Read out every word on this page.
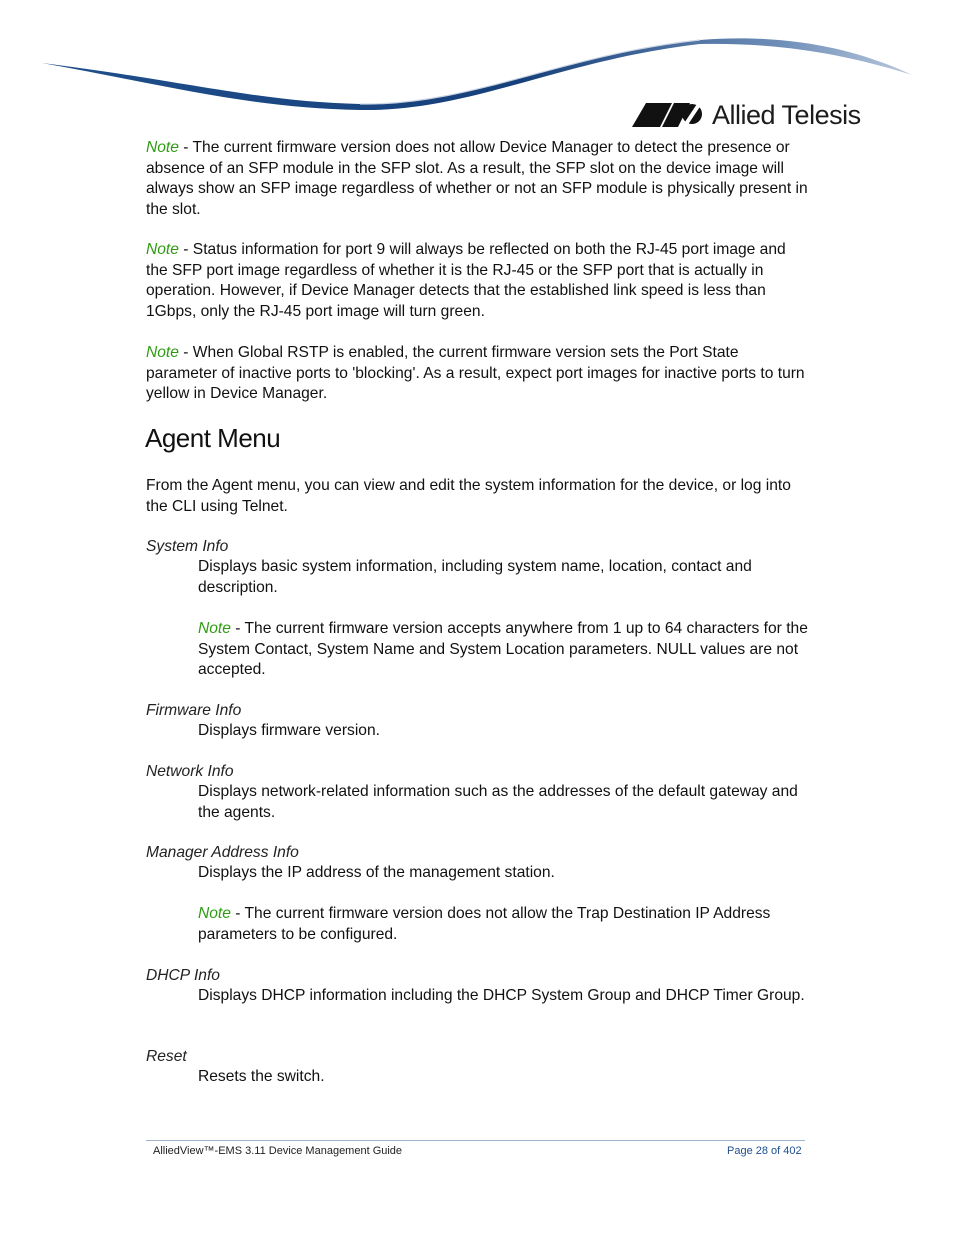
Allied Telesis

Note - The current firmware version does not allow Device Manager to detect the presence or absence of an SFP module in the SFP slot. As a result, the SFP slot on the device image will always show an SFP image regardless of whether or not an SFP module is physically present in the slot.

Note - Status information for port 9 will always be reflected on both the RJ-45 port image and the SFP port image regardless of whether it is the RJ-45 or the SFP port that is actually in operation. However, if Device Manager detects that the established link speed is less than 1Gbps, only the RJ-45 port image will turn green.

Note - When Global RSTP is enabled, the current firmware version sets the Port State parameter of inactive ports to 'blocking'. As a result, expect port images for inactive ports to turn yellow in Device Manager.

Agent Menu

From the Agent menu, you can view and edit the system information for the device, or log into the CLI using Telnet.

System Info

Displays basic system information, including system name, location, contact and description.

Note - The current firmware version accepts anywhere from 1 up to 64 characters for the System Contact, System Name and System Location parameters. NULL values are not accepted.

Firmware Info

Displays firmware version.

Network Info

Displays network-related information such as the addresses of the default gateway and the agents.

Manager Address Info

Displays the IP address of the management station.

Note - The current firmware version does not allow the Trap Destination IP Address parameters to be configured.

DHCP Info

Displays DHCP information including the DHCP System Group and DHCP Timer Group.

Reset

Resets the switch.

AlliedView™-EMS 3.11 Device Management Guide	Page 28 of 402
